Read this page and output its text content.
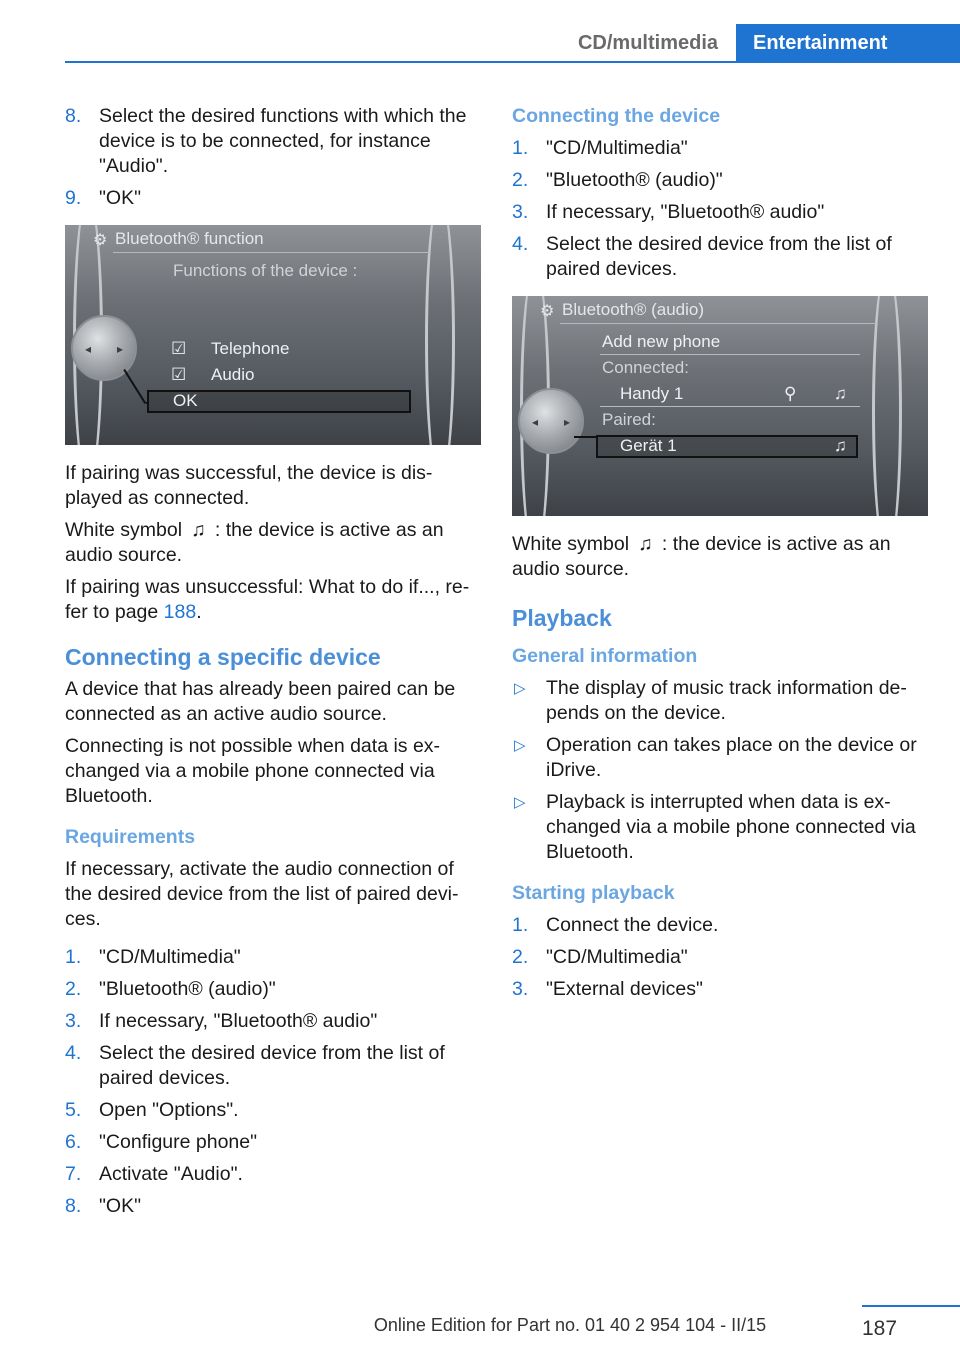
CD/multimedia	Entertainment
8. Select the desired functions with which the device is to be connected, for instance "Audio".
9. "OK"
⚙ Bluetooth® function
Functions of the device :
◂ ▸	☑ Telephone
☑ Audio
OK

If pairing was successful, the device is dis-played as connected.

White symbol ♫ : the device is active as an audio source.

If pairing was unsuccessful: What to do if..., re-fer to page 188.

Connecting a specific device

A device that has already been paired can be connected as an active audio source.

Connecting is not possible when data is ex-changed via a mobile phone connected via Bluetooth.

Requirements

If necessary, activate the audio connection of the desired device from the list of paired devi-ces.

1. "CD/Multimedia"
2. "Bluetooth® (audio)"
3. If necessary, "Bluetooth® audio"
4. Select the desired device from the list of paired devices.
5. Open "Options".
6. "Configure phone"
7. Activate "Audio".
8. "OK"
Connecting the device
1. "CD/Multimedia"
2. "Bluetooth® (audio)"
3. If necessary, "Bluetooth® audio"
4. Select the desired device from the list of paired devices.
⚙ Bluetooth® (audio)
Add new phone
Connected:
Handy 1	⚲ ♫
◂ ▸ Paired:
Gerät 1	♫

White symbol ♫ : the device is active as an audio source.

Playback
General information
▷ The display of music track information de-pends on the device.
▷ Operation can takes place on the device or iDrive.
▷ Playback is interrupted when data is ex-changed via a mobile phone connected via Bluetooth.
Starting playback
1. Connect the device.
2. "CD/Multimedia"
3. "External devices"
187
Online Edition for Part no. 01 40 2 954 104 - II/15
